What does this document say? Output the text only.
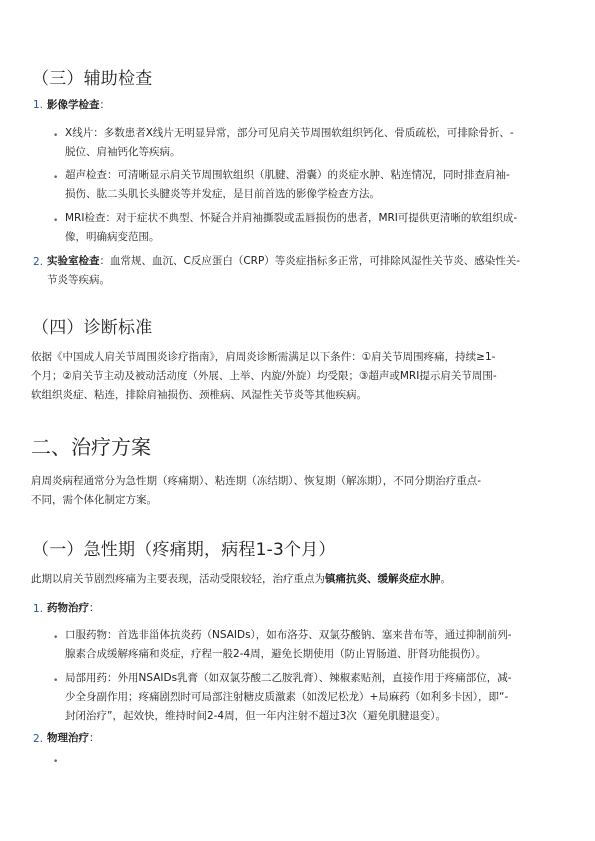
（三）辅助检查
1. 影像学检查：
• X线片：多数患者X线片无明显异常，部分可见肩关节周围软组织钙化、骨质疏松，可排除骨折、-
脱位、肩袖钙化等疾病。
• 超声检查：可清晰显示肩关节周围软组织（肌腱、滑囊）的炎症水肿、粘连情况，同时排查肩袖-
损伤、肱二头肌长头腱炎等并发症，是目前首选的影像学检查方法。
• MRI检查：对于症状不典型、怀疑合并肩袖撕裂或盂唇损伤的患者，MRI可提供更清晰的软组织成-
像，明确病变范围。
2. 实验室检查：血常规、血沉、C反应蛋白（CRP）等炎症指标多正常，可排除风湿性关节炎、感染性关-
节炎等疾病。
（四）诊断标准
依据《中国成人肩关节周围炎诊疗指南》，肩周炎诊断需满足以下条件：①肩关节周围疼痛，持续≥1-
个月；②肩关节主动及被动活动度（外展、上举、内旋/外旋）均受限；③超声或MRI提示肩关节周围-
软组织炎症、粘连，排除肩袖损伤、颈椎病、风湿性关节炎等其他疾病。
二、治疗方案
肩周炎病程通常分为急性期（疼痛期）、粘连期（冻结期）、恢复期（解冻期），不同分期治疗重点-
不同，需个体化制定方案。
（一）急性期（疼痛期，病程1-3个月）
此期以肩关节剧烈疼痛为主要表现，活动受限较轻，治疗重点为镇痛抗炎、缓解炎症水肿。
1. 药物治疗：
• 口服药物：首选非甾体抗炎药（NSAIDs），如布洛芬、双氯芬酸钠、塞来昔布等，通过抑制前列-
腺素合成缓解疼痛和炎症，疗程一般2-4周，避免长期使用（防止胃肠道、肝肾功能损伤）。
• 局部用药：外用NSAIDs乳膏（如双氯芬酸二乙胺乳膏）、辣椒素贴剂，直接作用于疼痛部位，减-
少全身副作用；疼痛剧烈时可局部注射糖皮质激素（如泼尼松龙）+局麻药（如利多卡因），即“-
封闭治疗”，起效快，维持时间2-4周，但一年内注射不超过3次（避免肌腱退变）。
2. 物理治疗：
•
